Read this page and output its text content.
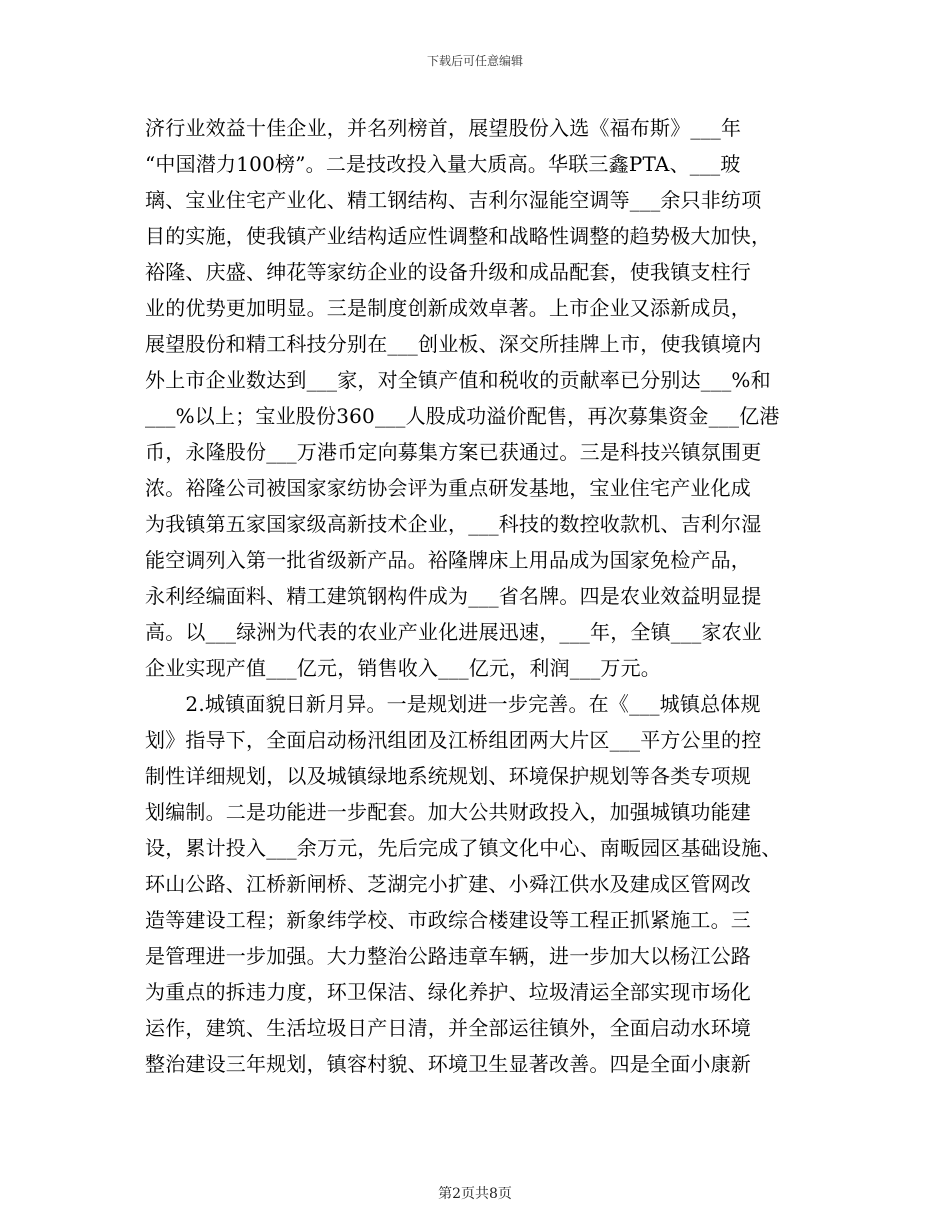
下载后可任意编辑
济行业效益十佳企业，并名列榜首，展望股份入选《福布斯》___年
“中国潜力100榜”。二是技改投入量大质高。华联三鑫PTA、___玻
璃、宝业住宅产业化、精工钢结构、吉利尔湿能空调等___余只非纺项
目的实施，使我镇产业结构适应性调整和战略性调整的趋势极大加快，
裕隆、庆盛、绅花等家纺企业的设备升级和成品配套，使我镇支柱行
业的优势更加明显。三是制度创新成效卓著。上市企业又添新成员，
展望股份和精工科技分别在___创业板、深交所挂牌上市，使我镇境内
外上市企业数达到___家，对全镇产值和税收的贡献率已分别达___%和
___%以上；宝业股份360___人股成功溢价配售，再次募集资金___亿港
币，永隆股份___万港币定向募集方案已获通过。三是科技兴镇氛围更
浓。裕隆公司被国家家纺协会评为重点研发基地，宝业住宅产业化成
为我镇第五家国家级高新技术企业，___科技的数控收款机、吉利尔湿
能空调列入第一批省级新产品。裕隆牌床上用品成为国家免检产品，
永利经编面料、精工建筑钢构件成为___省名牌。四是农业效益明显提
高。以___绿洲为代表的农业产业化进展迅速，___年，全镇___家农业
企业实现产值___亿元，销售收入___亿元，利润___万元。
　　2.城镇面貌日新月异。一是规划进一步完善。在《___城镇总体规
划》指导下，全面启动杨汛组团及江桥组团两大片区___平方公里的控
制性详细规划，以及城镇绿地系统规划、环境保护规划等各类专项规
划编制。二是功能进一步配套。加大公共财政投入，加强城镇功能建
设，累计投入___余万元，先后完成了镇文化中心、南畈园区基础设施、
环山公路、江桥新闸桥、芝湖完小扩建、小舜江供水及建成区管网改
造等建设工程；新象纬学校、市政综合楼建设等工程正抓紧施工。三
是管理进一步加强。大力整治公路违章车辆，进一步加大以杨江公路
为重点的拆违力度，环卫保洁、绿化养护、垃圾清运全部实现市场化
运作，建筑、生活垃圾日产日清，并全部运往镇外，全面启动水环境
整治建设三年规划，镇容村貌、环境卫生显著改善。四是全面小康新
第2页共8页
